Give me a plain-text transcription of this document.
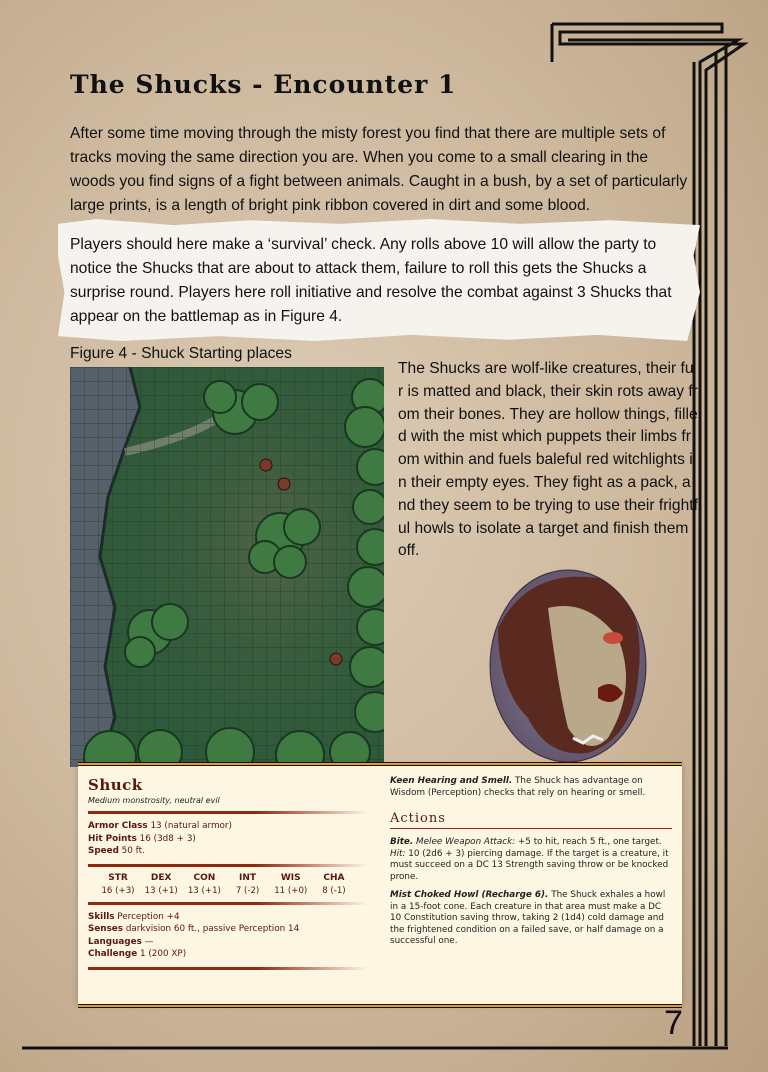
The Shucks - Encounter 1
After some time moving through the misty forest you find that there are multiple sets of tracks moving the same direction you are. When you come to a small clearing in the woods you find signs of a fight between animals. Caught in a bush, by a set of particularly large prints, is a length of bright pink ribbon covered in dirt and some blood.
Players should here make a ‘survival’ check. Any rolls above 10 will allow the party to notice the Shucks that are about to attack them, failure to roll this gets the Shucks a surprise round. Players here roll initiative and resolve the combat against 3 Shucks that appear on the battlemap as in Figure 4.
Figure 4 - Shuck Starting places
The Shucks are wolf-like creatures, their fur is matted and black, their skin rots away from their bones. They are hollow things, filled with the mist which puppets their limbs from within and fuels baleful red witchlights in their empty eyes. They fight as a pack, and they seem to be trying to use their frightful howls to isolate a target and finish them off.
Shuck
Medium monstrosity, neutral evil
Armor Class 13 (natural armor)
Hit Points 16 (3d8 + 3)
Speed 50 ft.
STR
16 (+3)
DEX
13 (+1)
CON
13 (+1)
INT
7 (-2)
WIS
11 (+0)
CHA
8 (-1)
Skills Perception +4
Senses darkvision 60 ft., passive Perception 14
Languages —
Challenge 1 (200 XP)

Keen Hearing and Smell. The Shuck has advantage on Wisdom (Perception) checks that rely on hearing or smell.

Actions

Bite. Melee Weapon Attack: +5 to hit, reach 5 ft., one target. Hit: 10 (2d6 + 3) piercing damage. If the target is a creature, it must succeed on a DC 13 Strength saving throw or be knocked prone.

Mist Choked Howl (Recharge 6). The Shuck exhales a howl in a 15-foot cone. Each creature in that area must make a DC 10 Constitution saving throw, taking 2 (1d4) cold damage and the frightened condition on a failed save, or half damage on a successful one.

7
